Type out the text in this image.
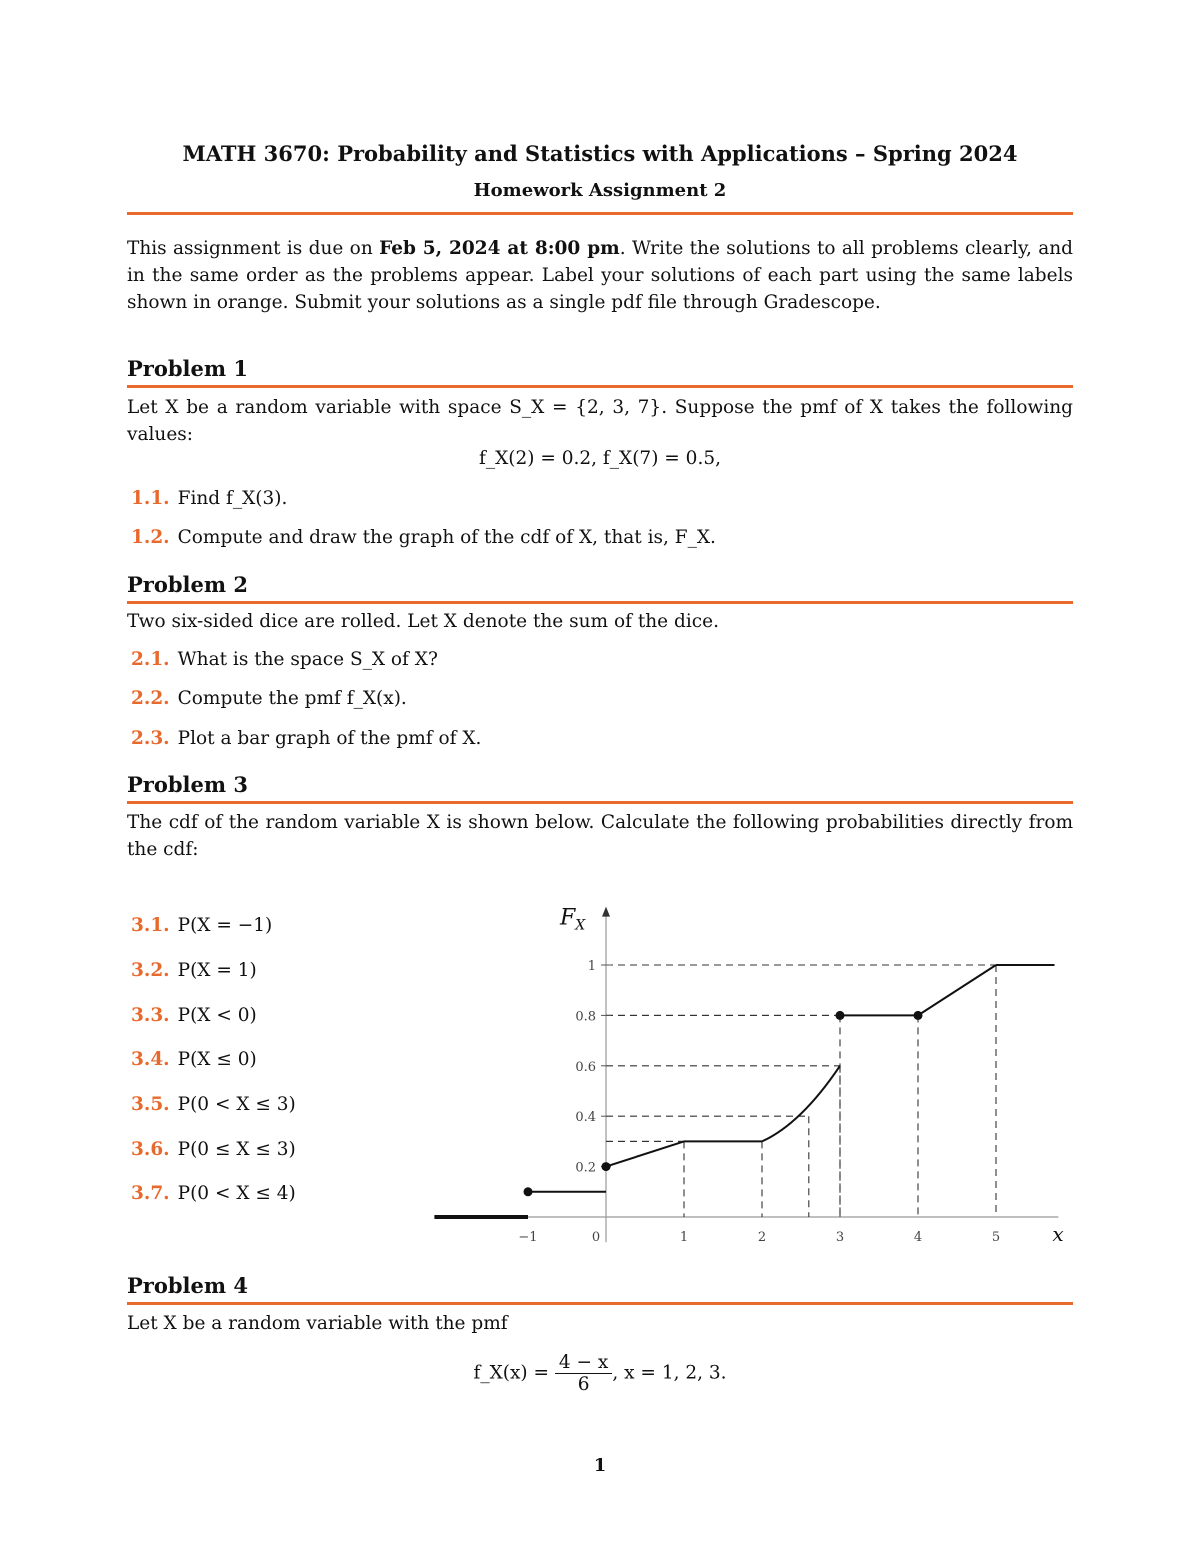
MATH 3670: Probability and Statistics with Applications – Spring 2024
Homework Assignment 2
This assignment is due on Feb 5, 2024 at 8:00 pm. Write the solutions to all problems clearly, and in the same order as the problems appear. Label your solutions of each part using the same labels shown in orange. Submit your solutions as a single pdf file through Gradescope.
Problem 1
Let X be a random variable with space S_X = {2, 3, 7}. Suppose the pmf of X takes the following values:
f_X(2) = 0.2, f_X(7) = 0.5,
1.1. Find f_X(3).
1.2. Compute and draw the graph of the cdf of X, that is, F_X.
Problem 2
Two six-sided dice are rolled. Let X denote the sum of the dice.
2.1. What is the space S_X of X?
2.2. Compute the pmf f_X(x).
2.3. Plot a bar graph of the pmf of X.
Problem 3
The cdf of the random variable X is shown below. Calculate the following probabilities directly from the cdf:
3.1. P(X = −1)
3.2. P(X = 1)
3.3. P(X < 0)
3.4. P(X ≤ 0)
3.5. P(0 < X ≤ 3)
3.6. P(0 ≤ X ≤ 3)
3.7. P(0 < X ≤ 4)
Problem 4
Let X be a random variable with the pmf
f_X(x) = $\frac{4 - x}{6}$ , x = 1, 2, 3.
1
0.2
0.4
0.6
0.8
1
−1	0	1	2	3	4	5
$F_X$
x
